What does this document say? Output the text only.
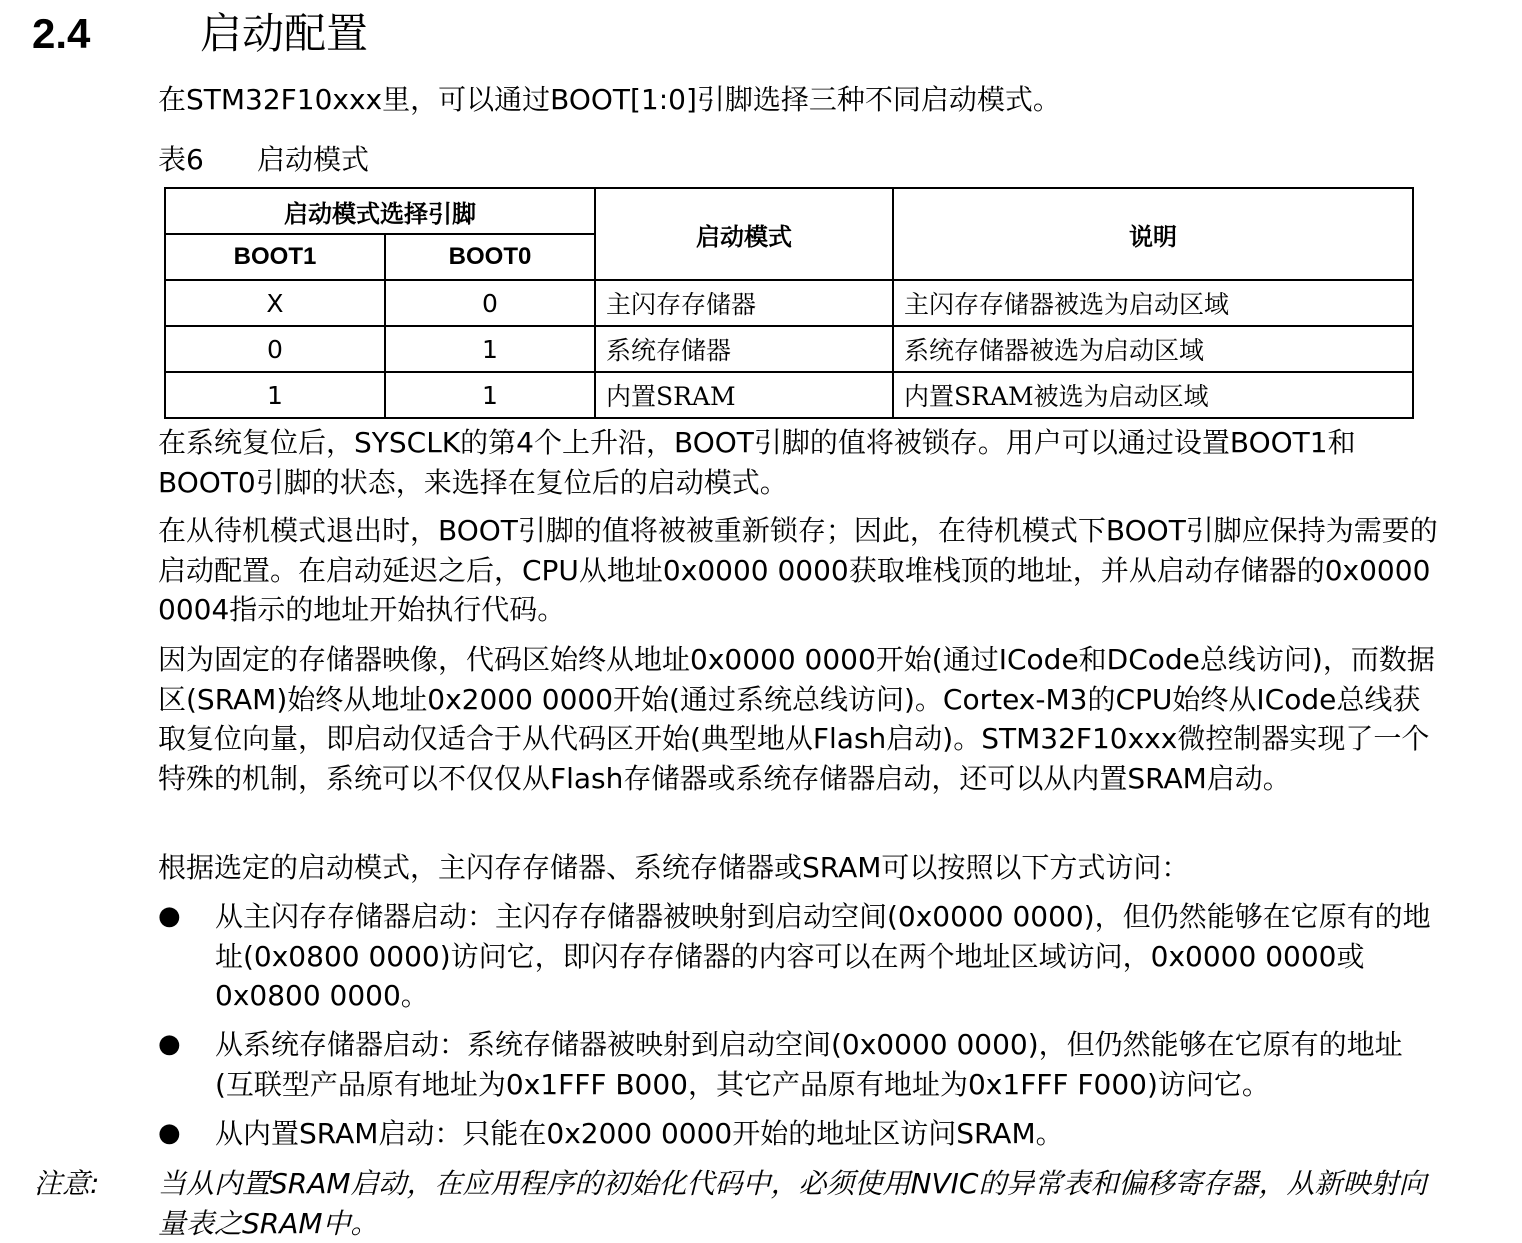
2.4	启动配置
在STM32F10xxx里，可以通过BOOT[1:0]引脚选择三种不同启动模式。
表6 启动模式
启动模式选择引脚		启动模式	说明
BOOT1	BOOT0		
X	0	主闪存存储器	主闪存存储器被选为启动区域
0	1	系统存储器	系统存储器被选为启动区域
1	1	内置SRAM	内置SRAM被选为启动区域
在系统复位后，SYSCLK的第4个上升沿，BOOT引脚的值将被锁存。用户可以通过设置BOOT1和BOOT0引脚的状态，来选择在复位后的启动模式。
在从待机模式退出时，BOOT引脚的值将被被重新锁存；因此，在待机模式下BOOT引脚应保持为需要的启动配置。在启动延迟之后，CPU从地址0x0000 0000获取堆栈顶的地址，并从启动存储器的0x0000 0004指示的地址开始执行代码。
因为固定的存储器映像，代码区始终从地址0x0000 0000开始(通过ICode和DCode总线访问)，而数据区(SRAM)始终从地址0x2000 0000开始(通过系统总线访问)。Cortex-M3的CPU始终从ICode总线获取复位向量，即启动仅适合于从代码区开始(典型地从Flash启动)。STM32F10xxx微控制器实现了一个特殊的机制，系统可以不仅仅从Flash存储器或系统存储器启动，还可以从内置SRAM启动。
根据选定的启动模式，主闪存存储器、系统存储器或SRAM可以按照以下方式访问：
● 从主闪存存储器启动：主闪存存储器被映射到启动空间(0x0000 0000)，但仍然能够在它原有的地址(0x0800 0000)访问它，即闪存存储器的内容可以在两个地址区域访问，0x0000 0000或0x0800 0000。
● 从系统存储器启动：系统存储器被映射到启动空间(0x0000 0000)，但仍然能够在它原有的地址(互联型产品原有地址为0x1FFF B000，其它产品原有地址为0x1FFF F000)访问它。
● 从内置SRAM启动：只能在0x2000 0000开始的地址区访问SRAM。
注意: 当从内置SRAM启动，在应用程序的初始化代码中，必须使用NVIC的异常表和偏移寄存器，从新映射向量表之SRAM中。
